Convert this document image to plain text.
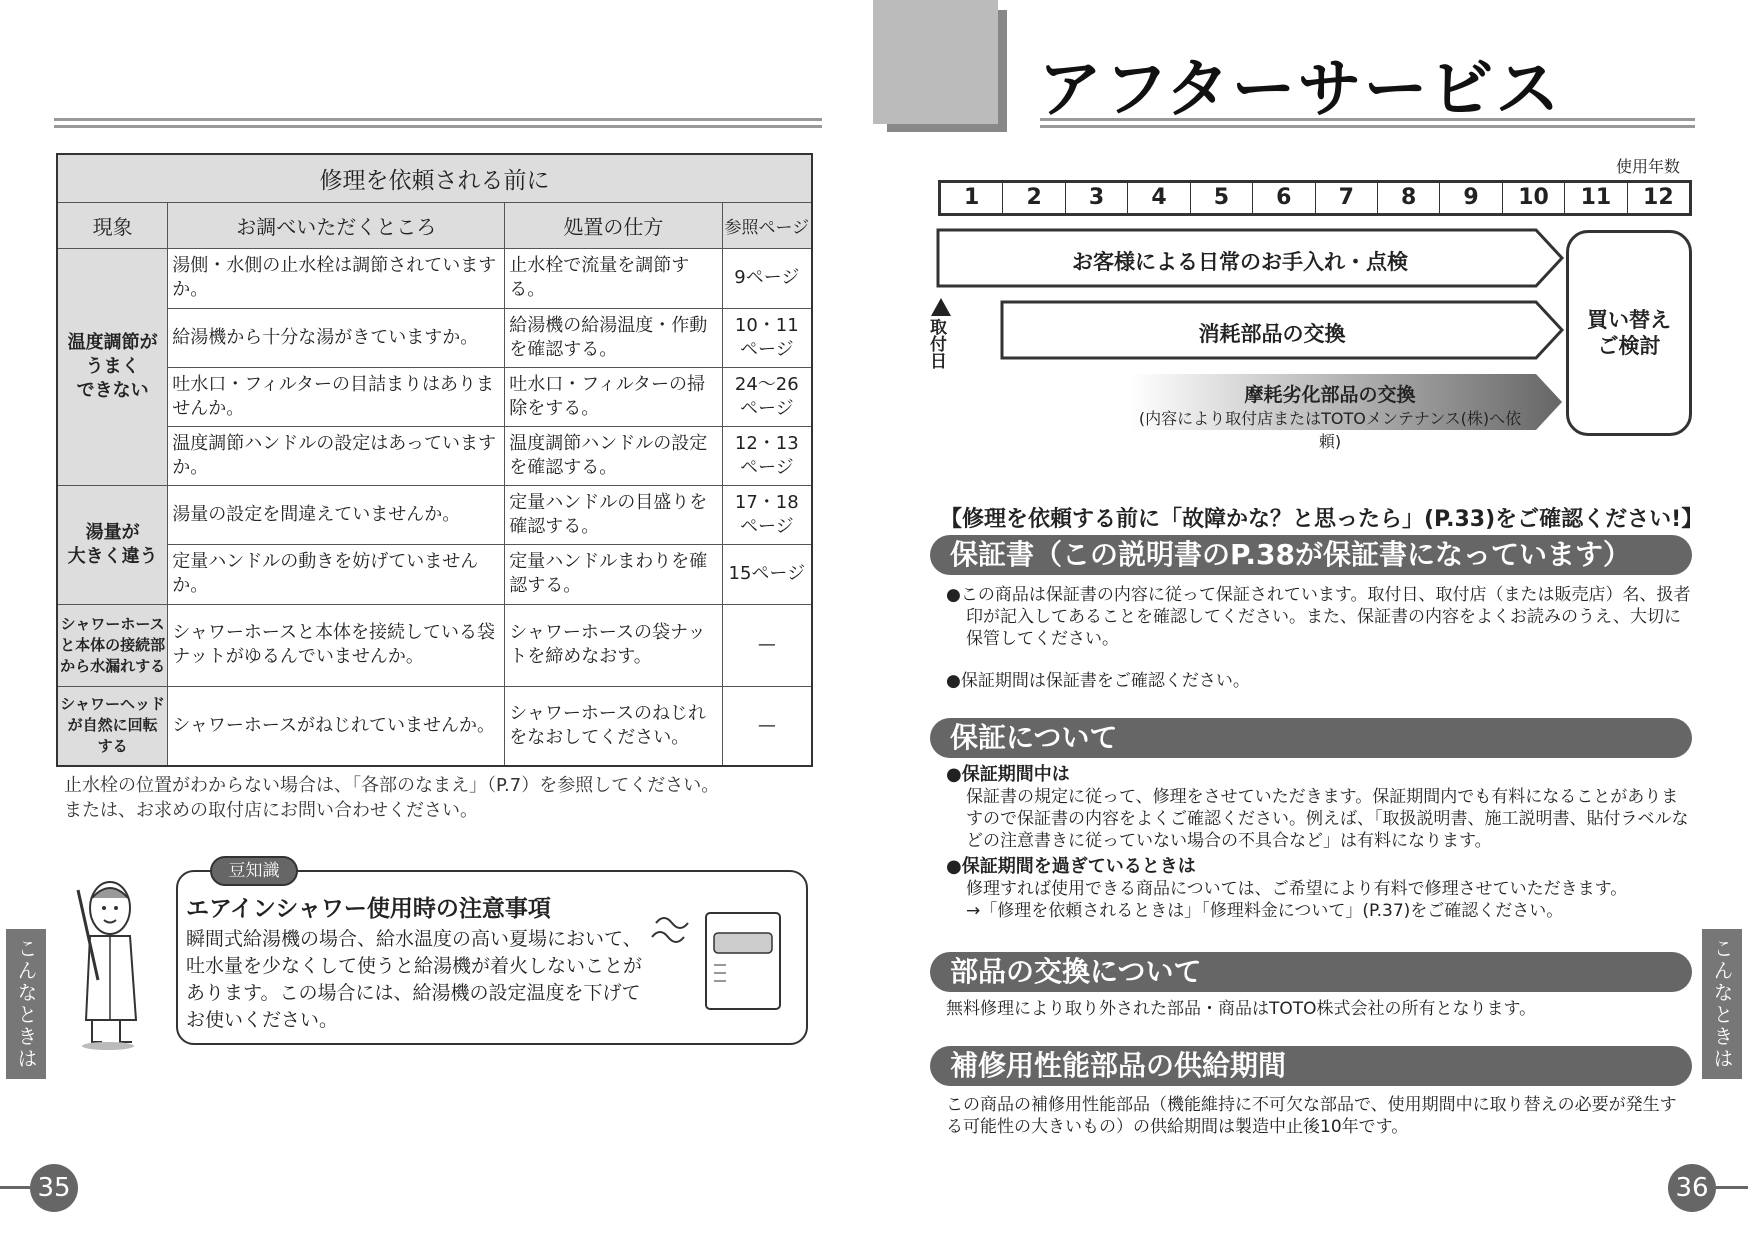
修理を依頼される前に			
現象	お調べいただくところ	処置の仕方	参照ページ
温度調節が
うまく
できない	湯側・水側の止水栓は調節されていますか。	止水栓で流量を調節する。	9ページ
	給湯機から十分な湯がきていますか。	給湯機の給湯温度・作動を確認する。	10・11
ページ
	吐水口・フィルターの目詰まりはありませんか。	吐水口・フィルターの掃除をする。	24〜26
ページ
	温度調節ハンドルの設定はあっていますか。	温度調節ハンドルの設定を確認する。	12・13
ページ
湯量が
大きく違う	湯量の設定を間違えていませんか。	定量ハンドルの目盛りを確認する。	17・18
ページ
	定量ハンドルの動きを妨げていませんか。	定量ハンドルまわりを確認する。	15ページ
シャワーホース
と本体の接続部
から水漏れする	シャワーホースと本体を接続している袋ナットがゆるんでいませんか。	シャワーホースの袋ナットを締めなおす。	—
シャワーヘッド
が自然に回転
する	シャワーホースがねじれていませんか。	シャワーホースのねじれをなおしてください。	—
止水栓の位置がわからない場合は、「各部のなまえ」（P.7）を参照してください。
または、お求めの取付店にお問い合わせください。
豆知識
エアインシャワー使用時の注意事項
瞬間式給湯機の場合、給水温度の高い夏場において、吐水量を少なくして使うと給湯機が着火しないことがあります。この場合には、給湯機の設定温度を下げてお使いください。
こんなときは
35
アフターサービス
使用年数
1	2	3	4	5	6	7	8	9	10	11	12
お客様による日常のお手入れ・点検
消耗部品の交換
摩耗劣化部品の交換
(内容により取付店またはTOTOメンテナンス(株)へ依頼)
取付日	買い替え
ご検討
【修理を依頼する前に「故障かな？と思ったら」(P.33)をご確認ください!】
保証書（この説明書のP.38が保証書になっています）
●この商品は保証書の内容に従って保証されています。取付日、取付店（または販売店）名、扱者印が記入してあることを確認してください。また、保証書の内容をよくお読みのうえ、大切に保管してください。
●保証期間は保証書をご確認ください。
保証について
●保証期間中は
保証書の規定に従って、修理をさせていただきます。保証期間内でも有料になることがありますので保証書の内容をよくご確認ください。例えば、「取扱説明書、施工説明書、貼付ラベルなどの注意書きに従っていない場合の不具合など」は有料になります。
●保証期間を過ぎているときは
修理すれば使用できる商品については、ご希望により有料で修理させていただきます。
→「修理を依頼されるときは」「修理料金について」(P.37)をご確認ください。
部品の交換について
無料修理により取り外された部品・商品はTOTO株式会社の所有となります。
補修用性能部品の供給期間
この商品の補修用性能部品（機能維持に不可欠な部品で、使用期間中に取り替えの必要が発生する可能性の大きいもの）の供給期間は製造中止後10年です。
こんなときは
36
